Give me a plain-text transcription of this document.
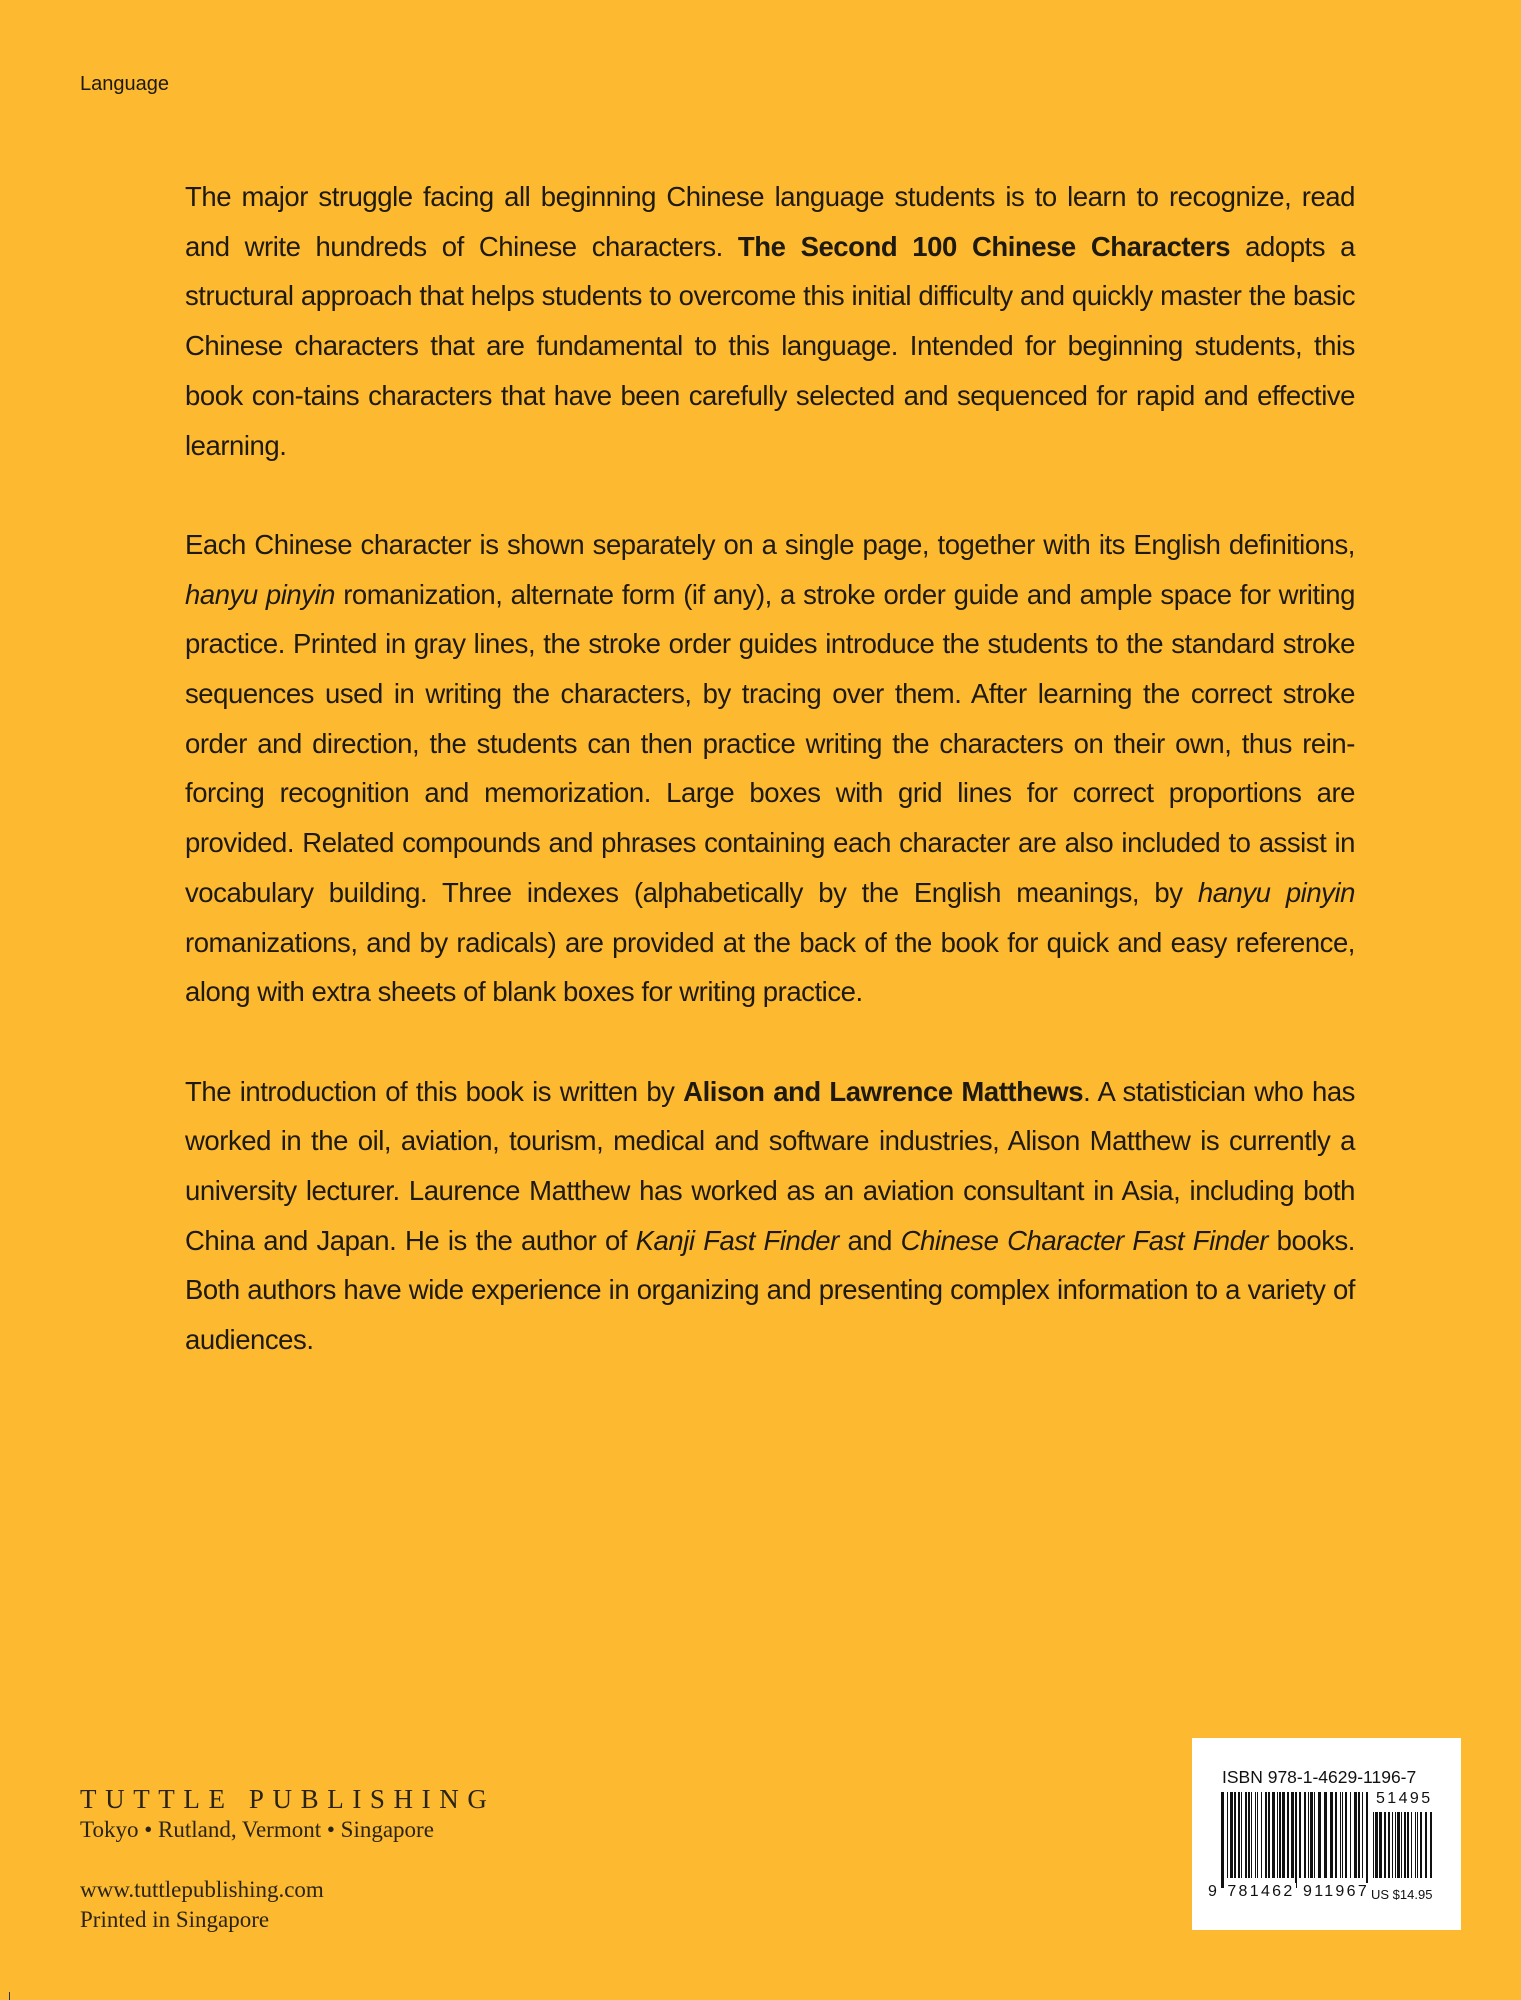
Language

The major struggle facing all beginning Chinese language students is to learn to recognize, read and write hundreds of Chinese characters. The Second 100 Chinese Characters adopts a structural approach that helps students to overcome this initial difficulty and quickly master the basic Chinese characters that are fundamental to this language. Intended for beginning students, this book con-tains characters that have been carefully selected and sequenced for rapid and effective learning.

Each Chinese character is shown separately on a single page, together with its English definitions, hanyu pinyin romanization, alternate form (if any), a stroke order guide and ample space for writing practice. Printed in gray lines, the stroke order guides introduce the students to the standard stroke sequences used in writing the characters, by tracing over them. After learning the correct stroke order and direction, the students can then practice writing the characters on their own, thus rein-forcing recognition and memorization. Large boxes with grid lines for correct proportions are provided. Related compounds and phrases containing each character are also included to assist in vocabulary building. Three indexes (alphabetically by the English meanings, by hanyu pinyin romanizations, and by radicals) are provided at the back of the book for quick and easy reference, along with extra sheets of blank boxes for writing practice.

The introduction of this book is written by Alison and Lawrence Matthews. A statistician who has worked in the oil, aviation, tourism, medical and software industries, Alison Matthew is currently a university lecturer. Laurence Matthew has worked as an aviation consultant in Asia, including both China and Japan. He is the author of Kanji Fast Finder and Chinese Character Fast Finder books. Both authors have wide experience in organizing and presenting complex information to a variety of audiences.

TUTTLE PUBLISHING
Tokyo • Rutland, Vermont • Singapore
www.tuttlepublishing.com
Printed in Singapore
ISBN 978-1-4629-1196-7
51495
9 781462 911967 US $14.95
